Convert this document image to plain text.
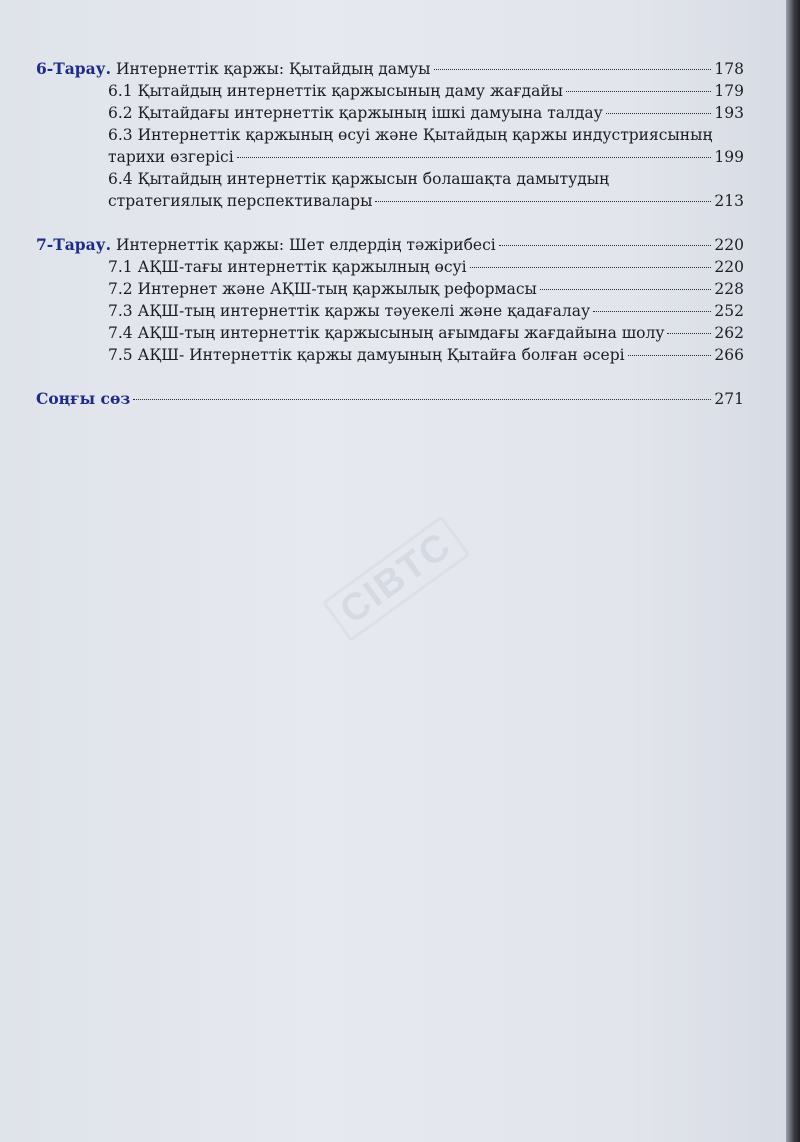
CIBTC
6-Тарау. Интернеттік қаржы: Қытайдың дамуы	178
6.1 Қытайдың интернеттік қаржысының даму жағдайы	179
6.2 Қытайдағы интернеттік қаржының ішкі дамуына талдау	193
6.3 Интернеттік қаржының өсуі және Қытайдың қаржы индустриясының
тарихи өзгерісі	199
6.4 Қытайдың интернеттік қаржысын болашақта дамытудың
стратегиялық перспективалары	213
7-Тарау. Интернеттік қаржы: Шет елдердің тәжірибесі	220
7.1 АҚШ-тағы интернеттік қаржылның өсуі	220
7.2 Интернет және АҚШ-тың қаржылық реформасы	228
7.3 АҚШ-тың интернеттік қаржы тәуекелі және қадағалау	252
7.4 АҚШ-тың интернеттік қаржысының ағымдағы жағдайына шолу	262
7.5 АҚШ- Интернеттік қаржы дамуының Қытайға болған әсері	266
Соңғы сөз	271
